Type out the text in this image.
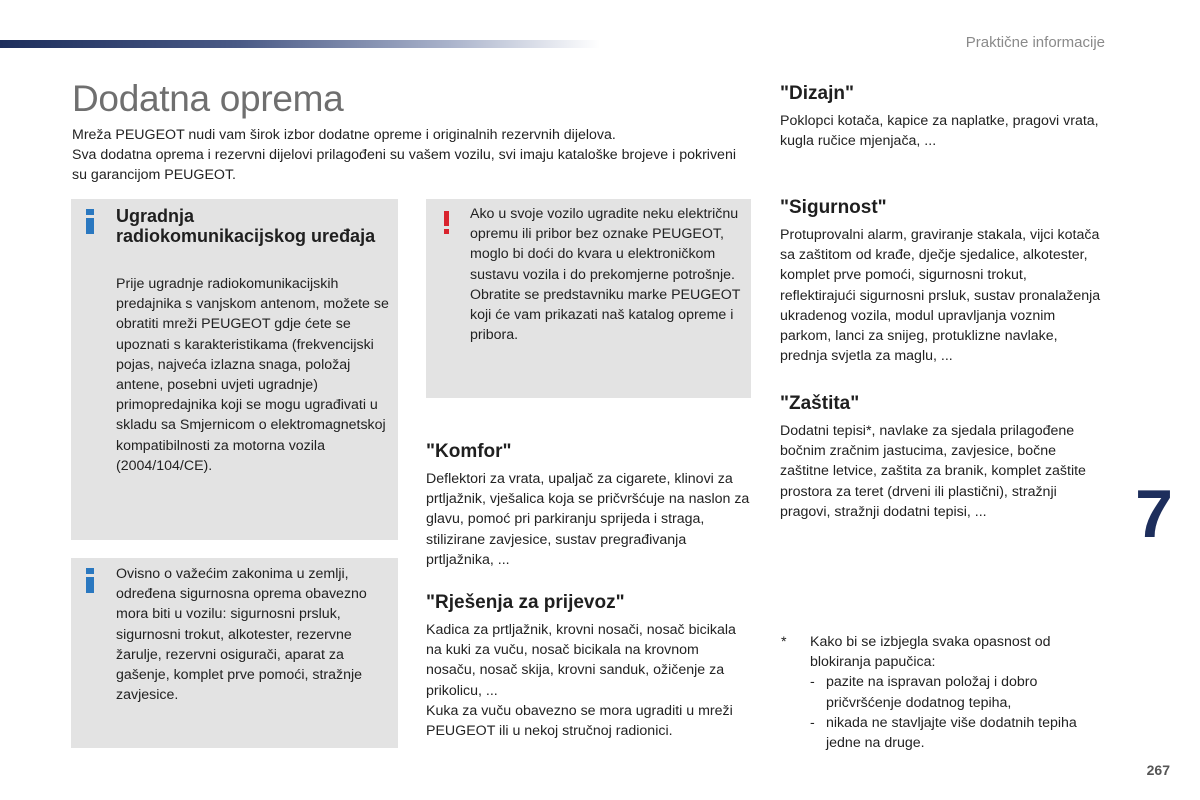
Praktične informacije
Dodatna oprema

Mreža PEUGEOT nudi vam širok izbor dodatne opreme i originalnih rezervnih dijelova.

Sva dodatna oprema i rezervni dijelovi prilagođeni su vašem vozilu, svi imaju kataloške brojeve i pokriveni su garancijom PEUGEOT.

Ugradnja radiokomunikacijskog uređaja
Prije ugradnje radiokomunikacijskih predajnika s vanjskom antenom, možete se obratiti mreži PEUGEOT gdje ćete se upoznati s karakteristikama (frekvencijski pojas, najveća izlazna snaga, položaj antene, posebni uvjeti ugradnje) primopredajnika koji se mogu ugrađivati u skladu sa Smjernicom o elektromagnetskoj kompatibilnosti za motorna vozila (2004/104/CE).
Ovisno o važećim zakonima u zemlji, određena sigurnosna oprema obavezno mora biti u vozilu: sigurnosni prsluk, sigurnosni trokut, alkotester, rezervne žarulje, rezervni osigurači, aparat za gašenje, komplet prve pomoći, stražnje zavjesice.
Ako u svoje vozilo ugradite neku električnu opremu ili pribor bez oznake PEUGEOT, moglo bi doći do kvara u elektroničkom sustavu vozila i do prekomjerne potrošnje.
Obratite se predstavniku marke PEUGEOT koji će vam prikazati naš katalog opreme i pribora.
"Komfor"
Deflektori za vrata, upaljač za cigarete, klinovi za prtljažnik, vješalica koja se pričvršćuje na naslon za glavu, pomoć pri parkiranju sprijeda i straga, stilizirane zavjesice, sustav pregrađivanja prtljažnika, ...
"Rješenja za prijevoz"
Kadica za prtljažnik, krovni nosači, nosač bicikala na kuki za vuču, nosač bicikala na krovnom nosaču, nosač skija, krovni sanduk, ožičenje za prikolicu, ...
Kuka za vuču obavezno se mora ugraditi u mreži PEUGEOT ili u nekoj stručnoj radionici.
"Dizajn"
Poklopci kotača, kapice za naplatke, pragovi vrata, kugla ručice mjenjača, ...
"Sigurnost"
Protuprovalni alarm, graviranje stakala, vijci kotača sa zaštitom od krađe, dječje sjedalice, alkotester, komplet prve pomoći, sigurnosni trokut, reflektirajući sigurnosni prsluk, sustav pronalaženja ukradenog vozila, modul upravljanja voznim parkom, lanci za snijeg, protuklizne navlake, prednja svjetla za maglu, ...
"Zaštita"
Dodatni tepisi*, navlake za sjedala prilagođene bočnim zračnim jastucima, zavjesice, bočne zaštitne letvice, zaštita za branik, komplet zaštite prostora za teret (drveni ili plastični), stražnji pragovi, stražnji dodatni tepisi, ...	7
* Kako bi se izbjegla svaka opasnost od blokiranja papučica:
- pazite na ispravan položaj i dobro pričvršćenje dodatnog tepiha,
- nikada ne stavljajte više dodatnih tepiha jedne na druge.
267
